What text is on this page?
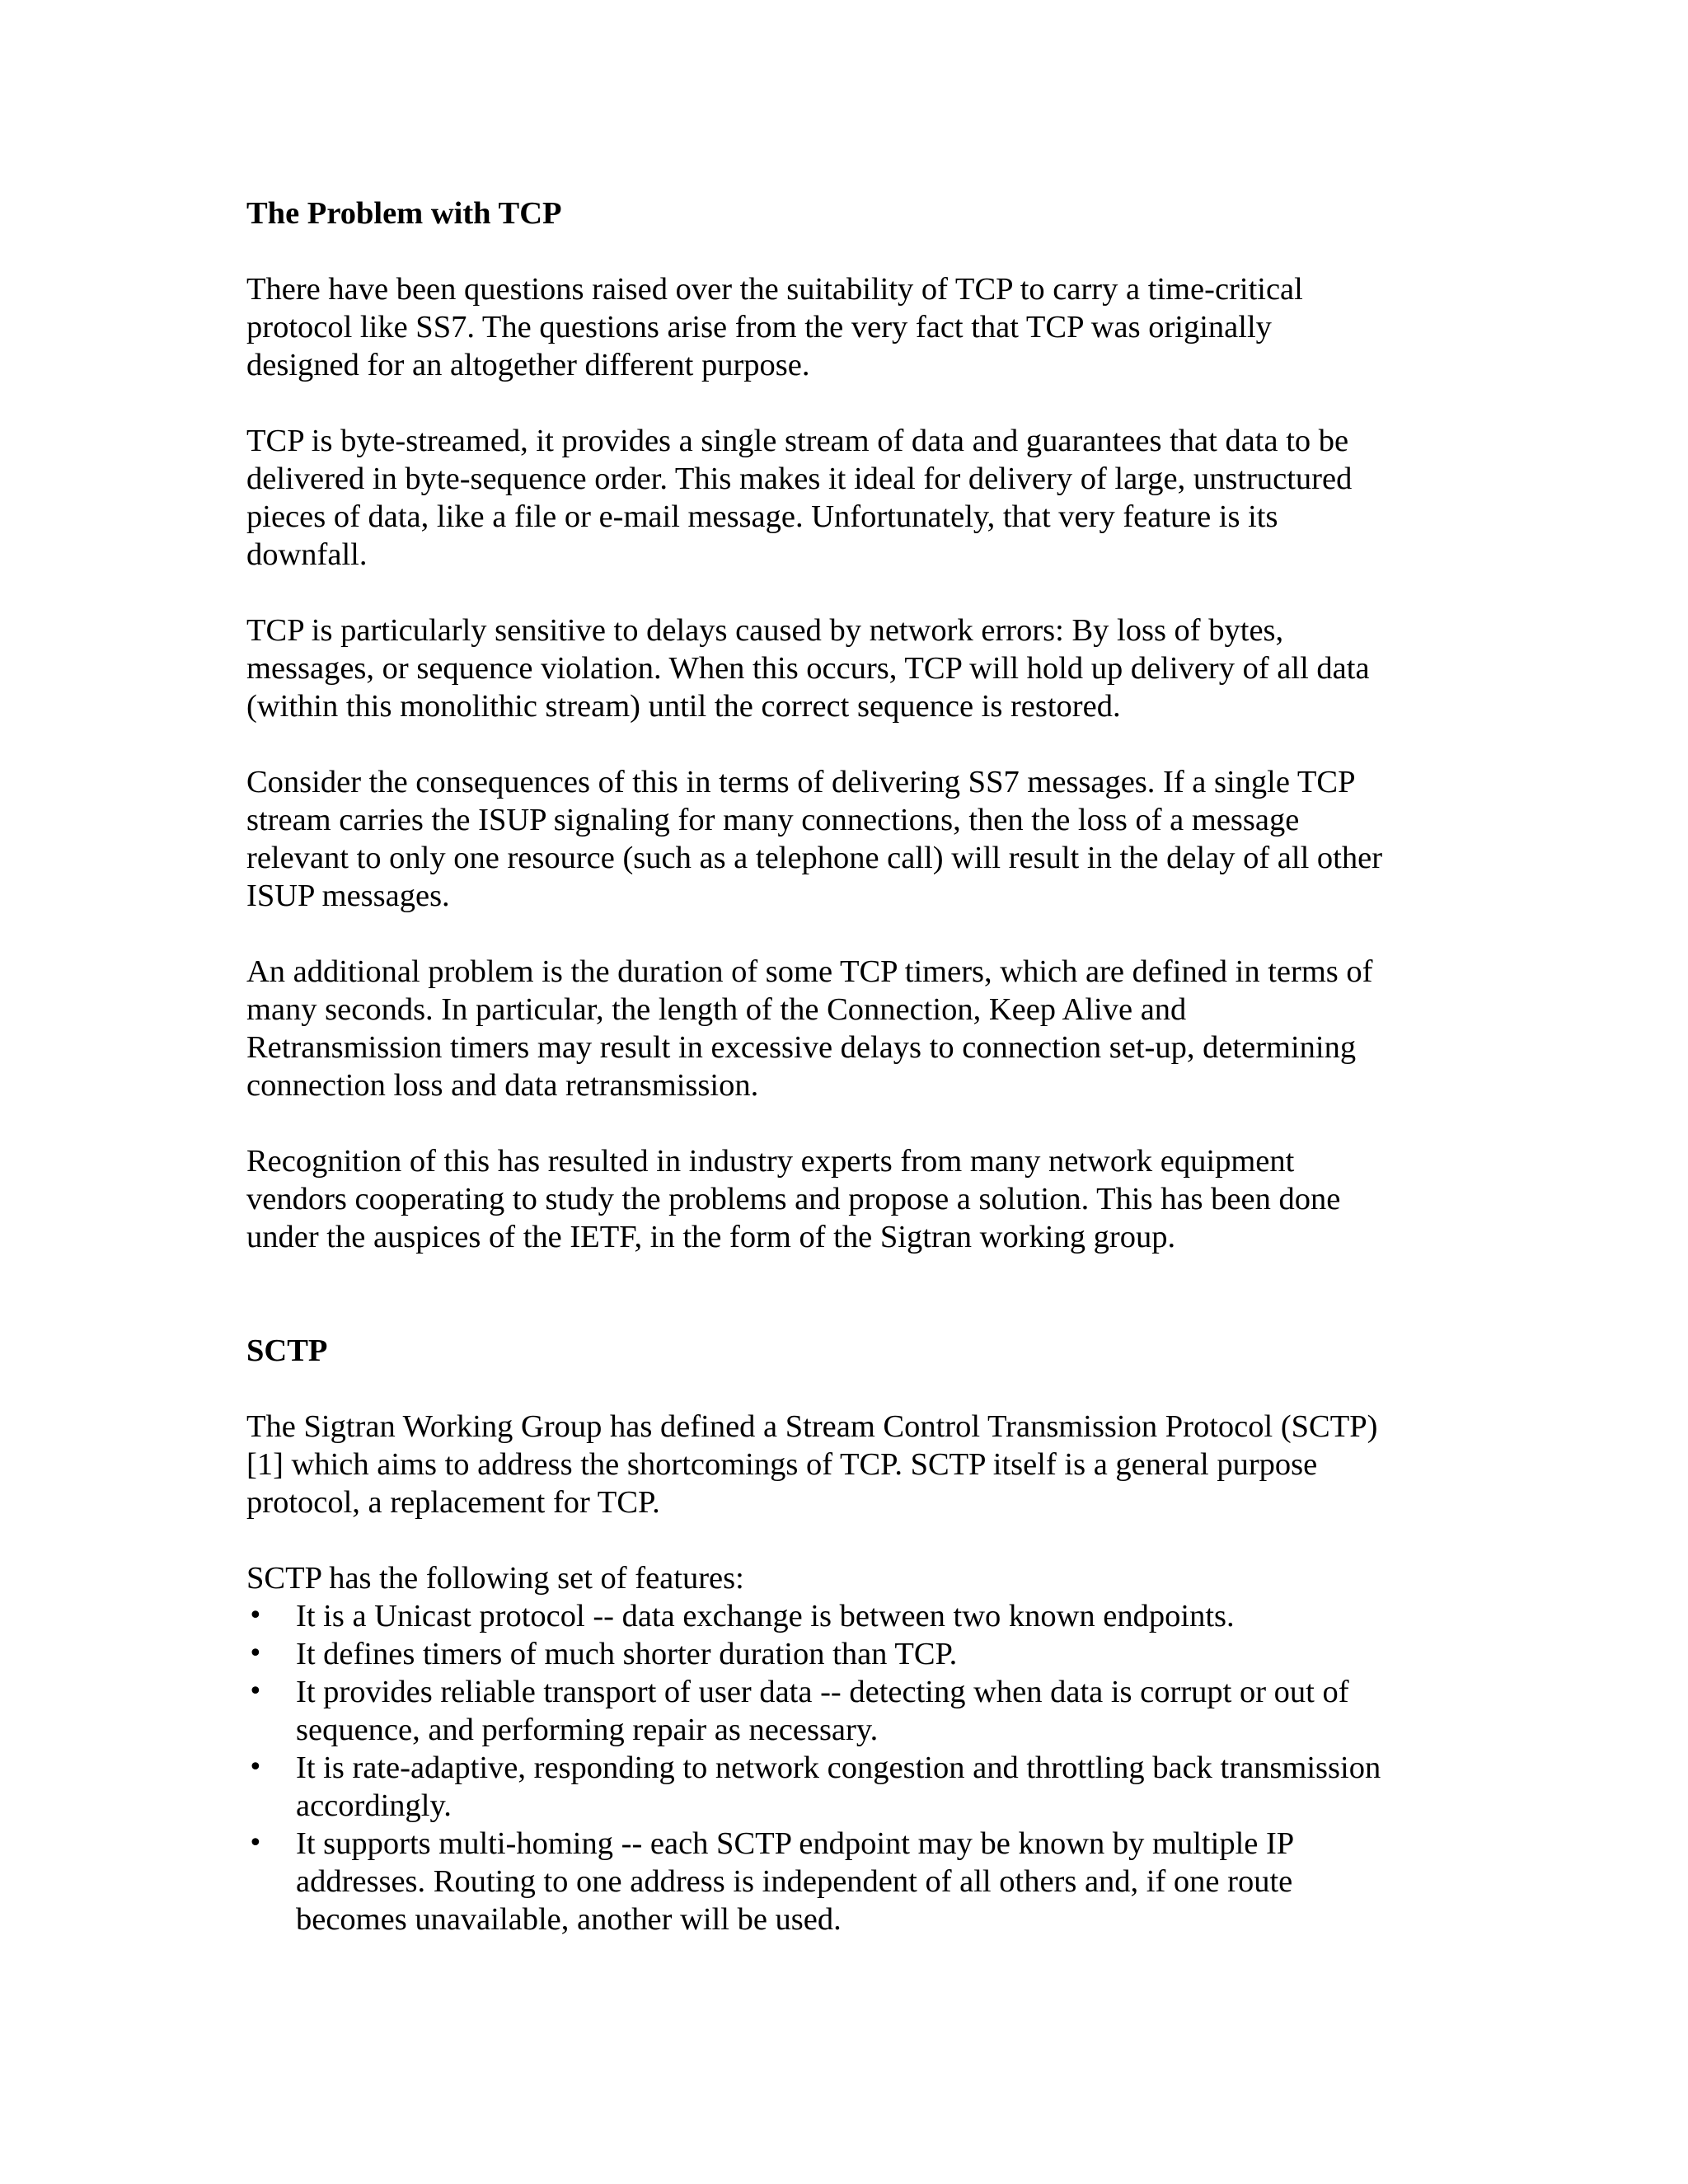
The Problem with TCP
There have been questions raised over the suitability of TCP to carry a time-critical
protocol like SS7. The questions arise from the very fact that TCP was originally
designed for an altogether different purpose.
TCP is byte-streamed, it provides a single stream of data and guarantees that data to be
delivered in byte-sequence order. This makes it ideal for delivery of large, unstructured
pieces of data, like a file or e-mail message. Unfortunately, that very feature is its
downfall.
TCP is particularly sensitive to delays caused by network errors: By loss of bytes,
messages, or sequence violation. When this occurs, TCP will hold up delivery of all data
(within this monolithic stream) until the correct sequence is restored.
Consider the consequences of this in terms of delivering SS7 messages. If a single TCP
stream carries the ISUP signaling for many connections, then the loss of a message
relevant to only one resource (such as a telephone call) will result in the delay of all other
ISUP messages.
An additional problem is the duration of some TCP timers, which are defined in terms of
many seconds. In particular, the length of the Connection, Keep Alive and
Retransmission timers may result in excessive delays to connection set-up, determining
connection loss and data retransmission.
Recognition of this has resulted in industry experts from many network equipment
vendors cooperating to study the problems and propose a solution. This has been done
under the auspices of the IETF, in the form of the Sigtran working group.
SCTP
The Sigtran Working Group has defined a Stream Control Transmission Protocol (SCTP)
[1] which aims to address the shortcomings of TCP. SCTP itself is a general purpose
protocol, a replacement for TCP.
SCTP has the following set of features:
• It is a Unicast protocol -- data exchange is between two known endpoints.
• It defines timers of much shorter duration than TCP.
• It provides reliable transport of user data -- detecting when data is corrupt or out of
sequence, and performing repair as necessary.
• It is rate-adaptive, responding to network congestion and throttling back transmission
accordingly.
• It supports multi-homing -- each SCTP endpoint may be known by multiple IP
addresses. Routing to one address is independent of all others and, if one route
becomes unavailable, another will be used.
